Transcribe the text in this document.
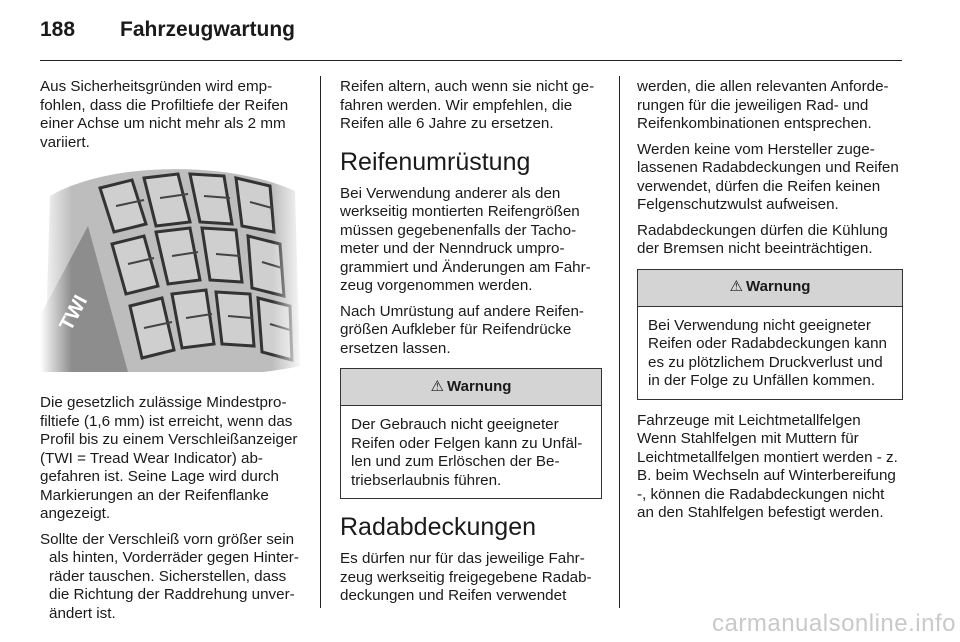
188	Fahrzeugwartung

Aus Sicherheitsgründen wird empfohlen, dass die Profiltiefe der Reifen einer Achse um nicht mehr als 2 mm variiert.

Die gesetzlich zulässige Mindestprofiltiefe (1,6 mm) ist erreicht, wenn das Profil bis zu einem Verschleißanzeiger (TWI = Tread Wear Indicator) abgefahren ist. Seine Lage wird durch Markierungen an der Reifenflanke angezeigt.

Sollte der Verschleiß vorn größer sein als hinten, Vorderräder gegen Hinterräder tauschen. Sicherstellen, dass die Richtung der Raddrehung unverändert ist.

Reifen altern, auch wenn sie nicht gefahren werden. Wir empfehlen, die Reifen alle 6 Jahre zu ersetzen.

Reifenumrüstung

Bei Verwendung anderer als den werkseitig montierten Reifengrößen müssen gegebenenfalls der Tachometer und der Nenndruck umprogrammiert und Änderungen am Fahrzeug vorgenommen werden.

Nach Umrüstung auf andere Reifengrößen Aufkleber für Reifendrücke ersetzen lassen.

⚠ Warnung
Der Gebrauch nicht geeigneter Reifen oder Felgen kann zu Unfällen und zum Erlöschen der Betriebserlaubnis führen.
Radabdeckungen

Es dürfen nur für das jeweilige Fahrzeug werkseitig freigegebene Radabdeckungen und Reifen verwendet

werden, die allen relevanten Anforderungen für die jeweiligen Rad- und Reifenkombinationen entsprechen.

Werden keine vom Hersteller zugelassenen Radabdeckungen und Reifen verwendet, dürfen die Reifen keinen Felgenschutzwulst aufweisen.

Radabdeckungen dürfen die Kühlung der Bremsen nicht beeinträchtigen.

⚠ Warnung
Bei Verwendung nicht geeigneter Reifen oder Radabdeckungen kann es zu plötzlichem Druckverlust und in der Folge zu Unfällen kommen.

Fahrzeuge mit Leichtmetallfelgen

Wenn Stahlfelgen mit Muttern für Leichtmetallfelgen montiert werden - z. B. beim Wechseln auf Winterbereifung -, können die Radabdeckungen nicht an den Stahlfelgen befestigt werden.

carmanualsonline.info
